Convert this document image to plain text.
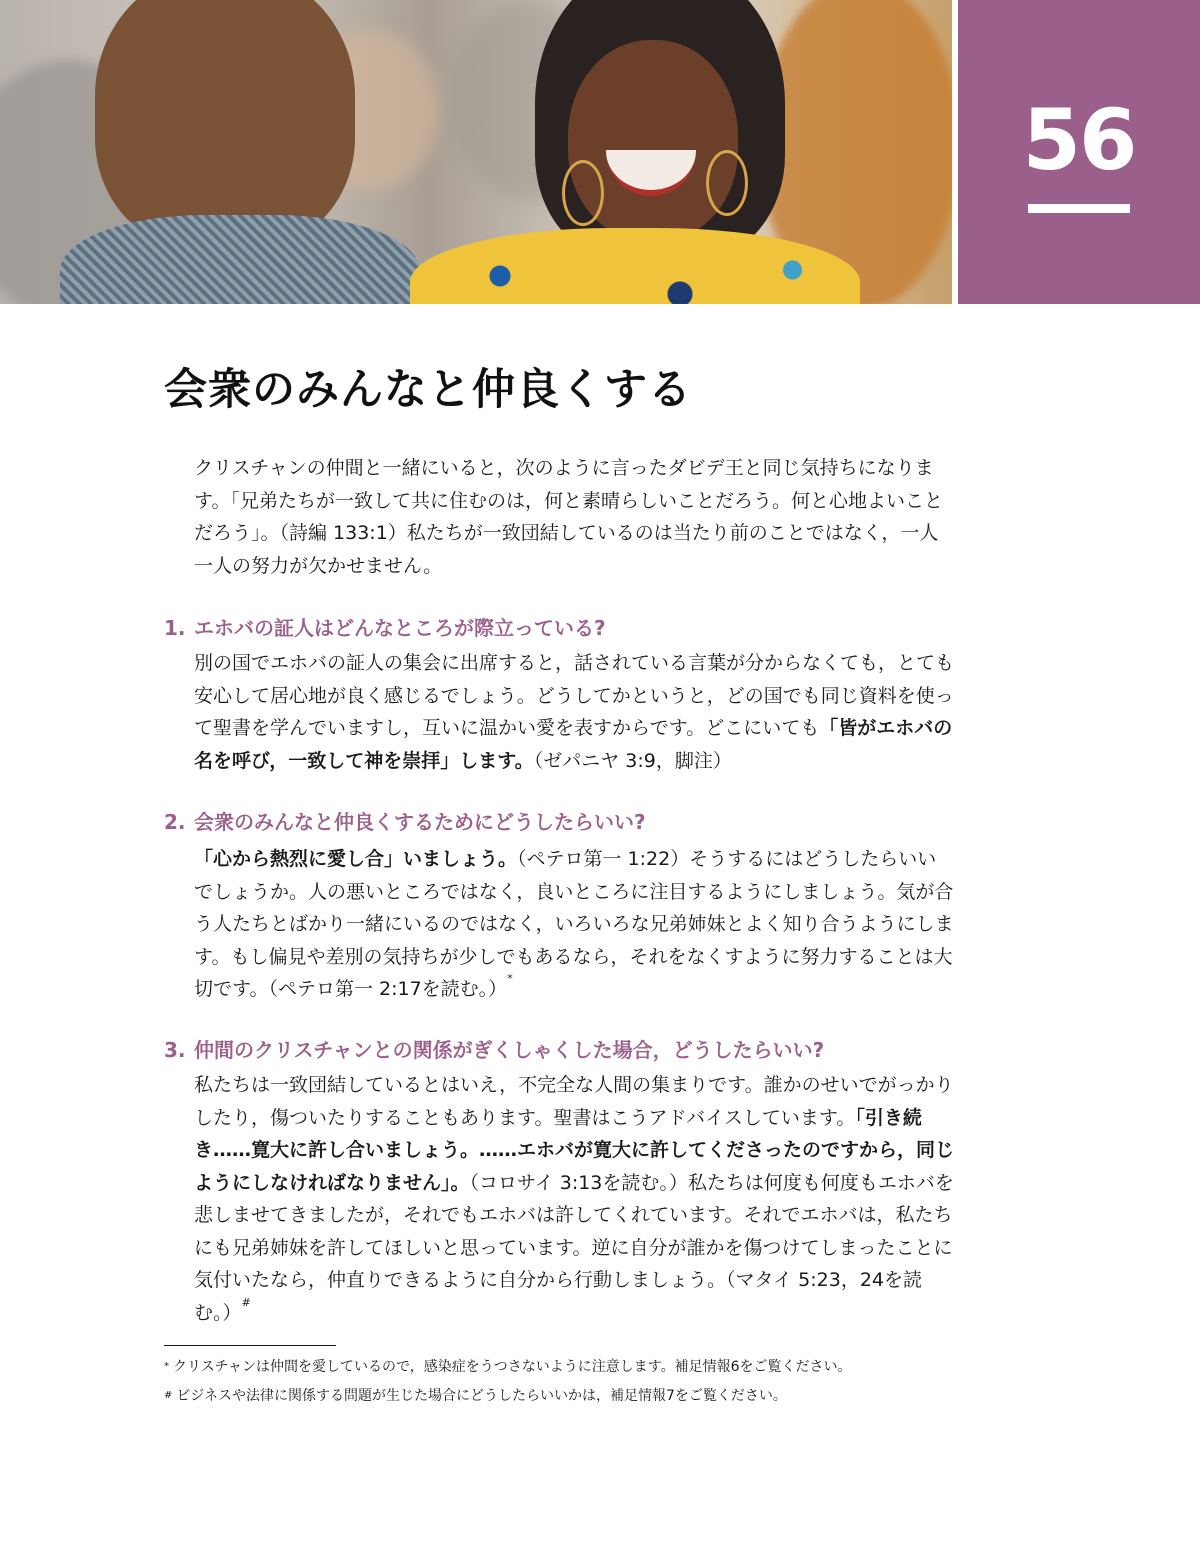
56
会衆のみんなと仲良くする

クリスチャンの仲間と一緒にいると，次のように言ったダビデ王と同じ気持ちになります。「兄弟たちが一致して共に住むのは，何と素晴らしいことだろう。何と心地よいことだろう」。（詩編 133:1）私たちが一致団結しているのは当たり前のことではなく，一人一人の努力が欠かせません。

1. エホバの証人はどんなところが際立っている?

別の国でエホバの証人の集会に出席すると，話されている言葉が分からなくても，とても安心して居心地が良く感じるでしょう。どうしてかというと，どの国でも同じ資料を使って聖書を学んでいますし，互いに温かい愛を表すからです。どこにいても「皆がエホバの名を呼び，一致して神を崇拝」します。（ゼパニヤ 3:9，脚注）

2. 会衆のみんなと仲良くするためにどうしたらいい?

「心から熱烈に愛し合」いましょう。（ペテロ第一 1:22）そうするにはどうしたらいいでしょうか。人の悪いところではなく，良いところに注目するようにしましょう。気が合う人たちとばかり一緒にいるのではなく，いろいろな兄弟姉妹とよく知り合うようにします。もし偏見や差別の気持ちが少しでもあるなら，それをなくすように努力することは大切です。（ペテロ第一 2:17を読む。）*

3. 仲間のクリスチャンとの関係がぎくしゃくした場合，どうしたらいい?

私たちは一致団結しているとはいえ，不完全な人間の集まりです。誰かのせいでがっかりしたり，傷ついたりすることもあります。聖書はこうアドバイスしています。「引き続き……寛大に許し合いましょう。……エホバが寛大に許してくださったのですから，同じようにしなければなりません」。（コロサイ 3:13を読む。）私たちは何度も何度もエホバを悲しませてきましたが，それでもエホバは許してくれています。それでエホバは，私たちにも兄弟姉妹を許してほしいと思っています。逆に自分が誰かを傷つけてしまったことに気付いたなら，仲直りできるように自分から行動しましょう。（マタイ 5:23，24を読む。）#

* クリスチャンは仲間を愛しているので，感染症をうつさないように注意します。補足情報6をご覧ください。

# ビジネスや法律に関係する問題が生じた場合にどうしたらいいかは，補足情報7をご覧ください。
